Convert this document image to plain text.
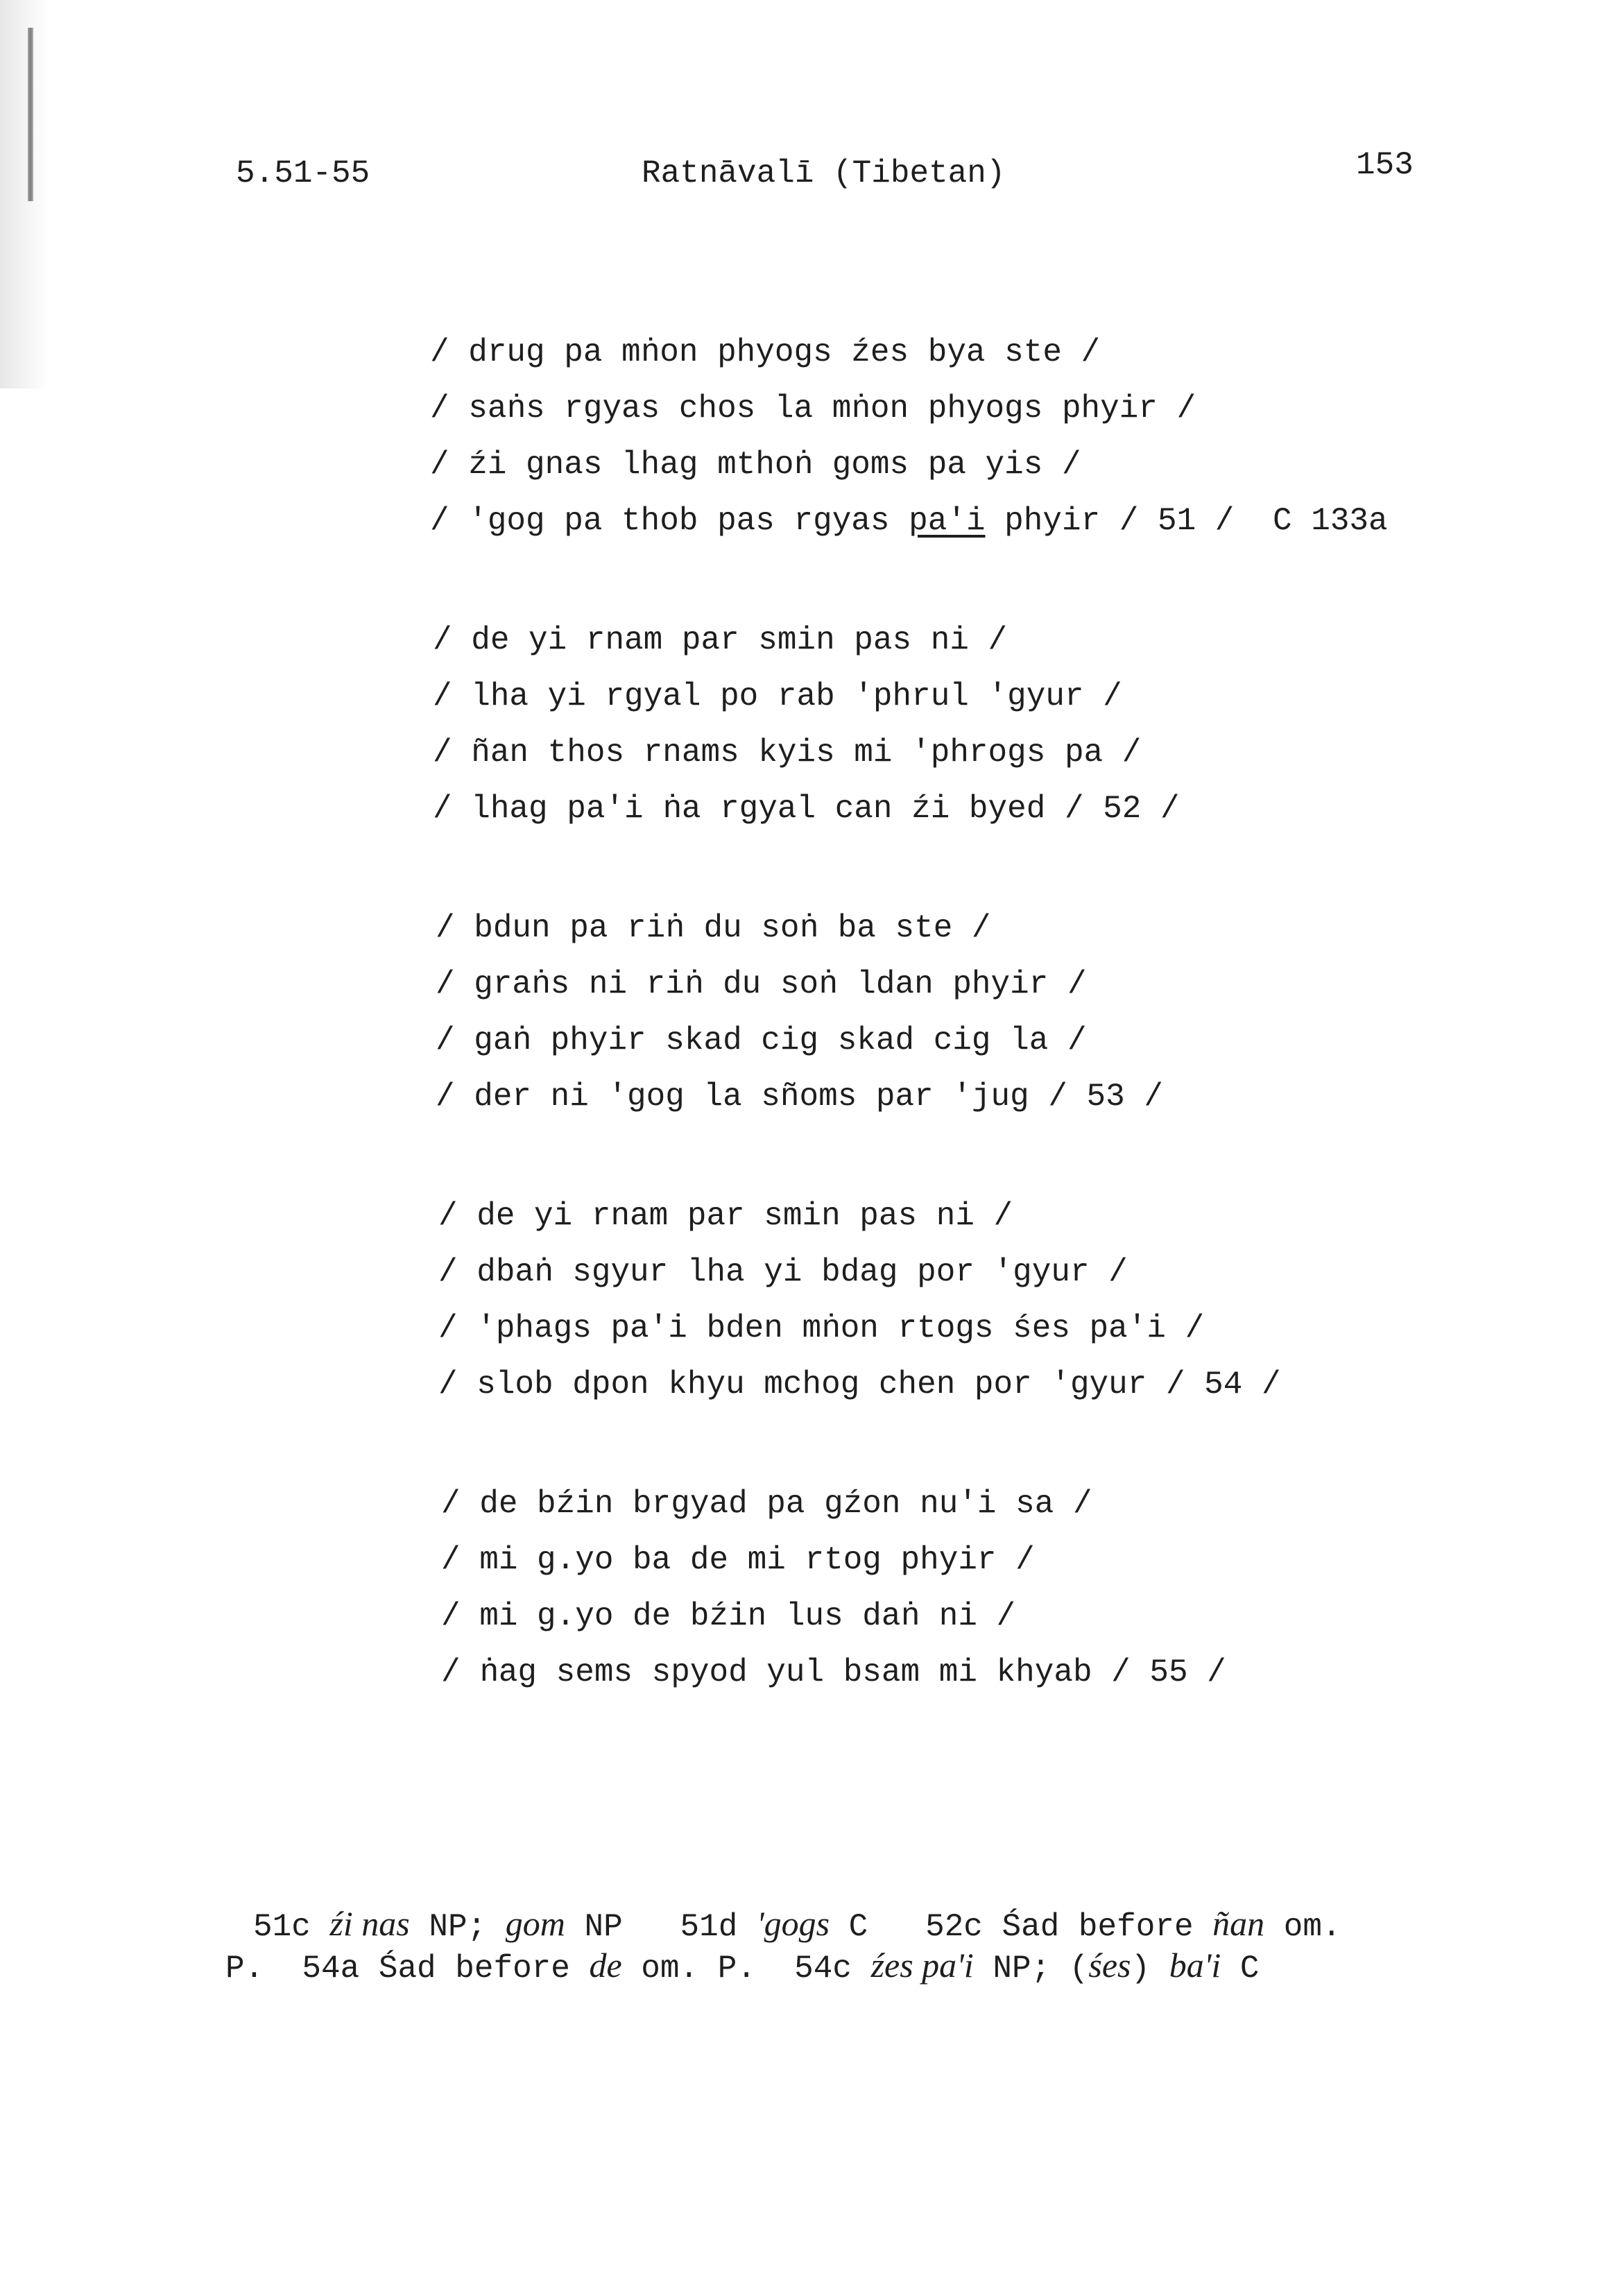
5.51-55	Ratnāvalī (Tibetan)	153
/ drug pa mṅon phyogs źes bya ste /
/ saṅs rgyas chos la mṅon phyogs phyir /
/ źi gnas lhag mthoṅ goms pa yis /
/ 'gog pa thob pas rgyas pa'i phyir / 51 / C 133a
/ de yi rnam par smin pas ni /
/ lha yi rgyal po rab 'phrul 'gyur /
/ ñan thos rnams kyis mi 'phrogs pa /
/ lhag pa'i ṅa rgyal can źi byed / 52 /
/ bdun pa riṅ du soṅ ba ste /
/ graṅs ni riṅ du soṅ ldan phyir /
/ gaṅ phyir skad cig skad cig la /
/ der ni 'gog la sñoms par 'jug / 53 /
/ de yi rnam par smin pas ni /
/ dbaṅ sgyur lha yi bdag por 'gyur /
/ 'phags pa'i bden mṅon rtogs śes pa'i /
/ slob dpon khyu mchog chen por 'gyur / 54 /
/ de bźin brgyad pa gźon nu'i sa /
/ mi g.yo ba de mi rtog phyir /
/ mi g.yo de bźin lus daṅ ni /
/ ṅag sems spyod yul bsam mi khyab / 55 /
51c źi nas NP; gom NP   51d 'gogs C   52c Śad before ñan om.
P.  54a Śad before de om. P.  54c źes pa'i NP; (śes) ba'i C
